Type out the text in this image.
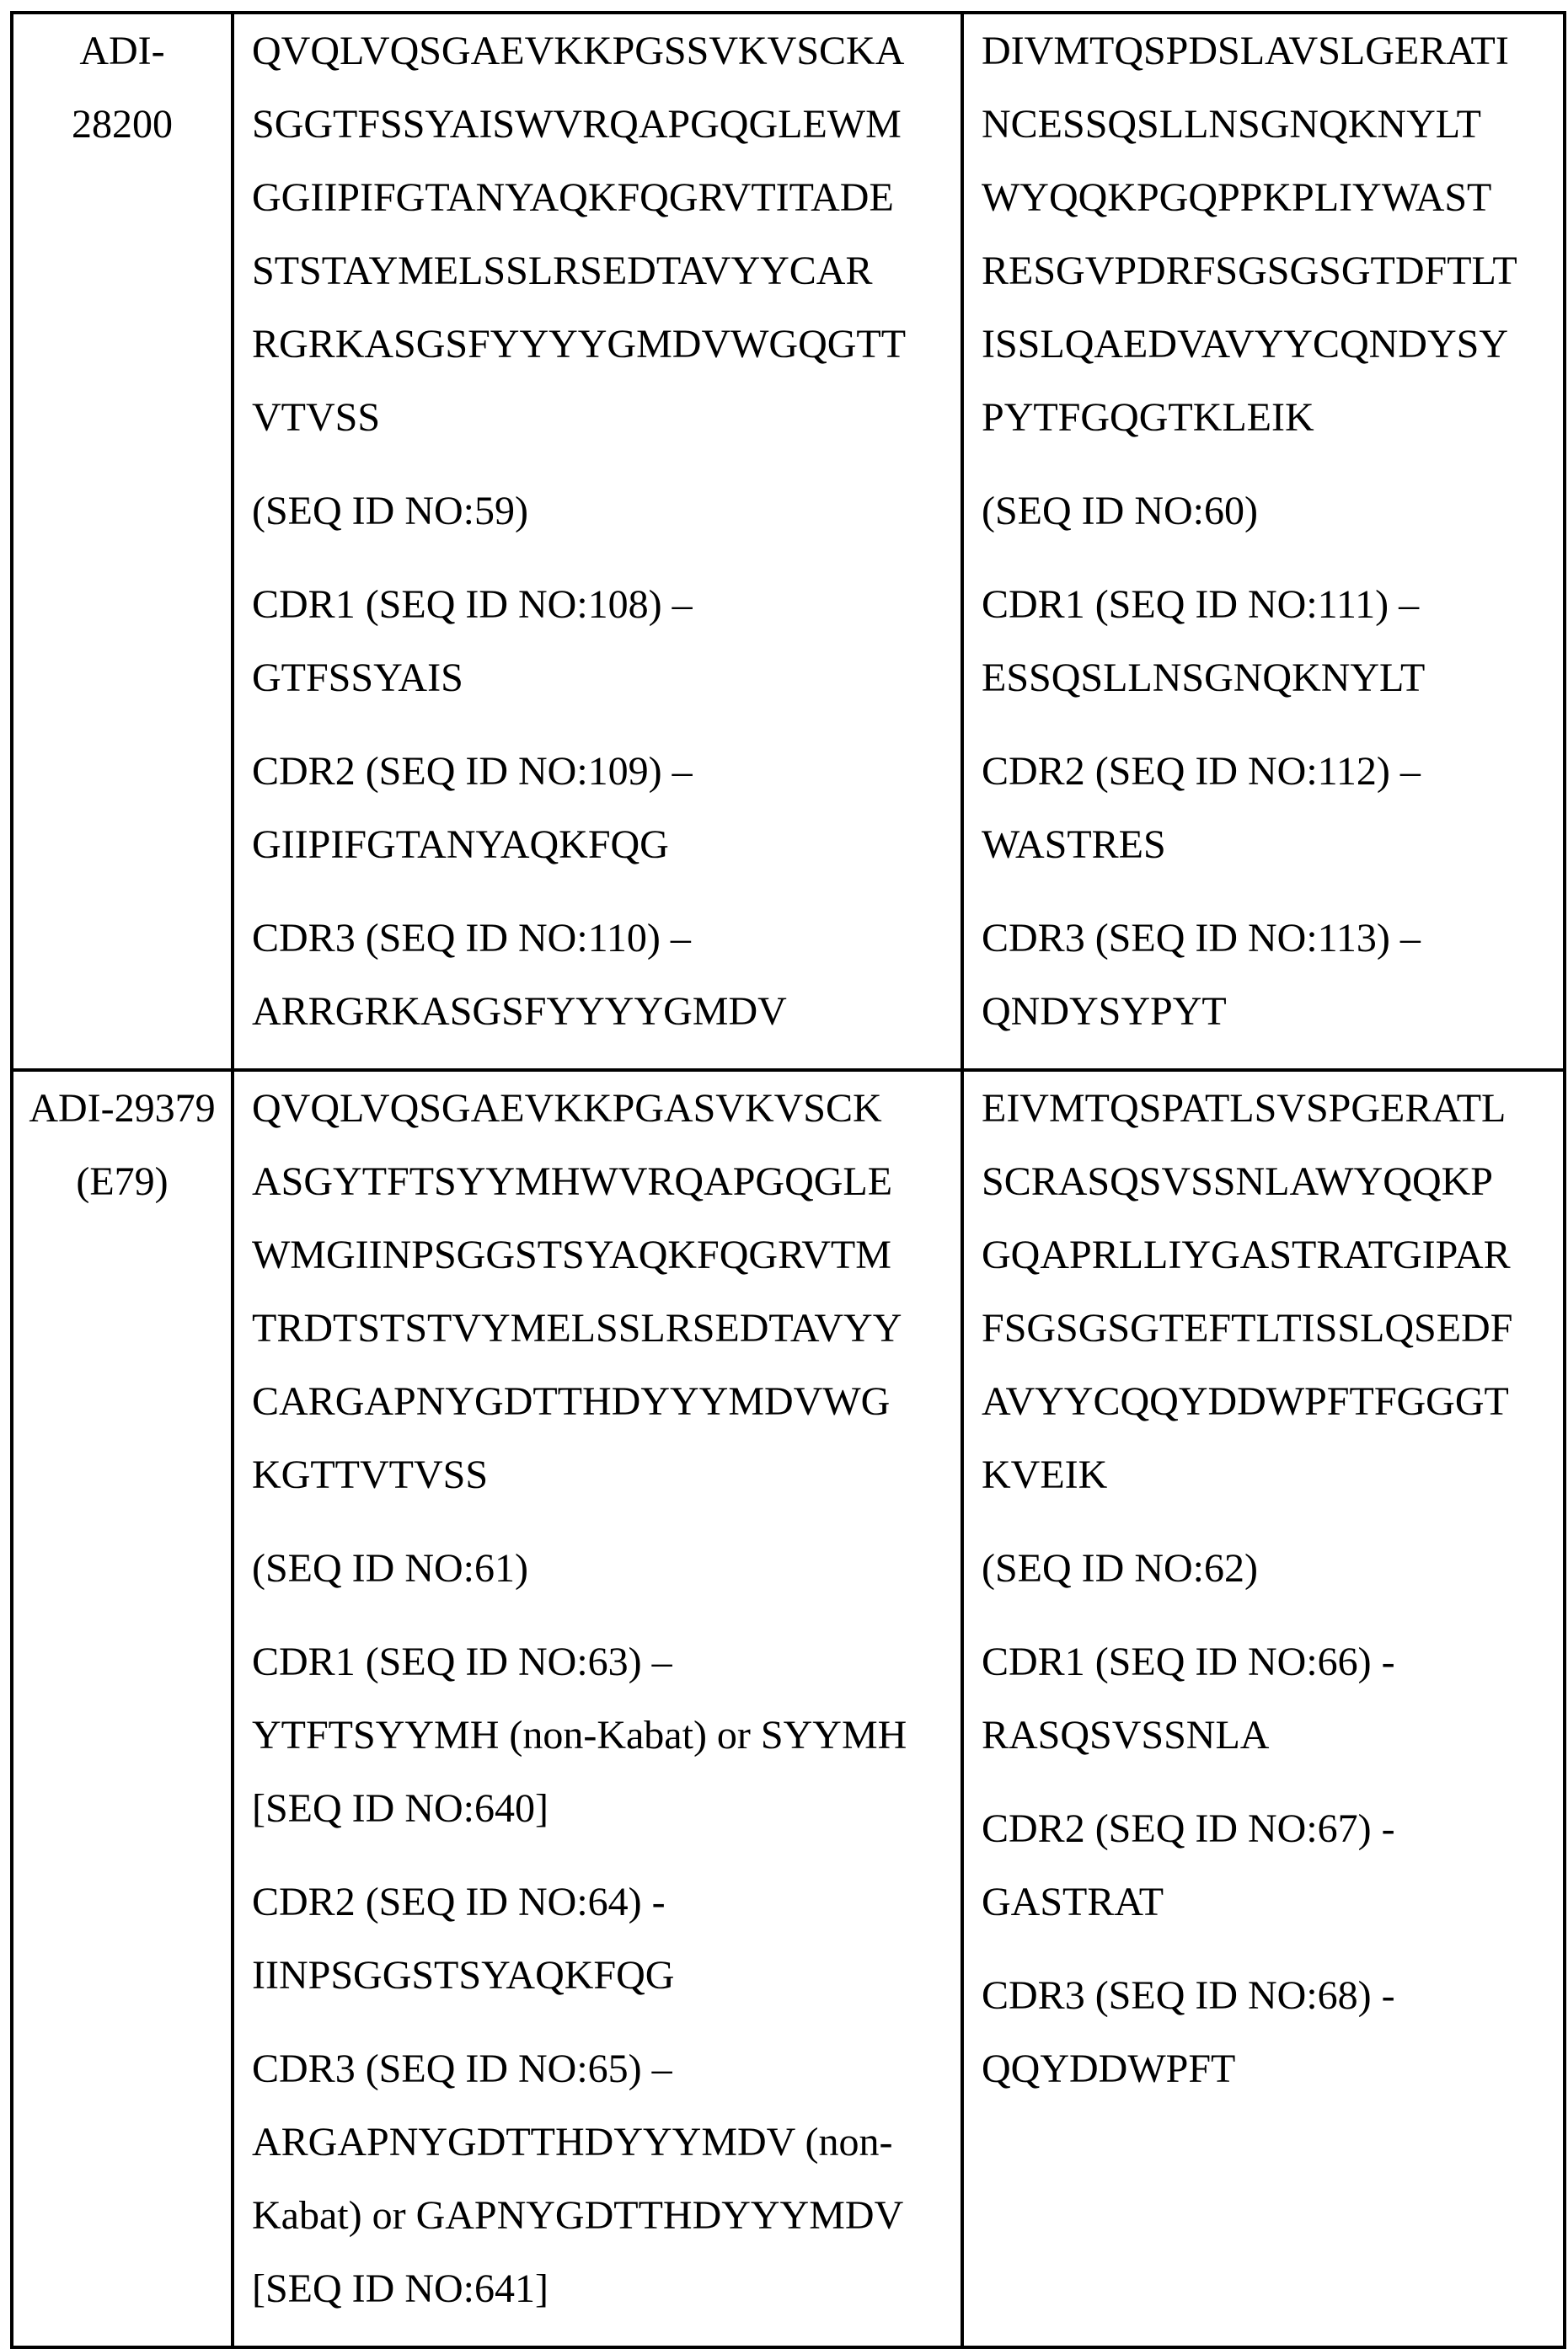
ADI-
28200

QVQLVQSGAEVKKPGSSVKVSCKA
SGGTFSSYAISWVRQAPGQGLEWM
GGIIPIFGTANYAQKFQGRVTITADE
STSTAYMELSSLRSEDTAVYYCAR
RGRKASGSFYYYYGMDVWGQGTT
VTVSS
(SEQ ID NO:59)
CDR1 (SEQ ID NO:108) –
GTFSSYAIS
CDR2 (SEQ ID NO:109) –
GIIPIFGTANYAQKFQG
CDR3 (SEQ ID NO:110) –
ARRGRKASGSFYYYYGMDV

DIVMTQSPDSLAVSLGERATI
NCESSQSLLNSGNQKNYLT
WYQQKPGQPPKPLIYWAST
RESGVPDRFSGSGSGTDFTLT
ISSLQAEDVAVYYCQNDYSY
PYTFGQGTKLEIK
(SEQ ID NO:60)
CDR1 (SEQ ID NO:111) –
ESSQSLLNSGNQKNYLT
CDR2 (SEQ ID NO:112) –
WASTRES
CDR3 (SEQ ID NO:113) –
QNDYSYPYT

ADI-29379
(E79)

QVQLVQSGAEVKKPGASVKVSCK
ASGYTFTSYYMHWVRQAPGQGLE
WMGIINPSGGSTSYAQKFQGRVTM
TRDTSTSTVYMELSSLRSEDTAVYY
CARGAPNYGDTTHDYYYMDVWG
KGTTVTVSS
(SEQ ID NO:61)
CDR1 (SEQ ID NO:63) –
YTFTSYYMH (non-Kabat) or SYYMH
[SEQ ID NO:640]
CDR2 (SEQ ID NO:64) -
IINPSGGSTSYAQKFQG
CDR3 (SEQ ID NO:65) –
ARGAPNYGDTTHDYYYMDV (non-
Kabat) or GAPNYGDTTHDYYYMDV
[SEQ ID NO:641]

EIVMTQSPATLSVSPGERATL
SCRASQSVSSNLAWYQQKP
GQAPRLLIYGASTRATGIPAR
FSGSGSGTEFTLTISSLQSEDF
AVYYCQQYDDWPFTFGGGT
KVEIK
(SEQ ID NO:62)
CDR1 (SEQ ID NO:66) -
RASQSVSSNLA
CDR2 (SEQ ID NO:67) -
GASTRAT
CDR3 (SEQ ID NO:68) -
QQYDDWPFT
